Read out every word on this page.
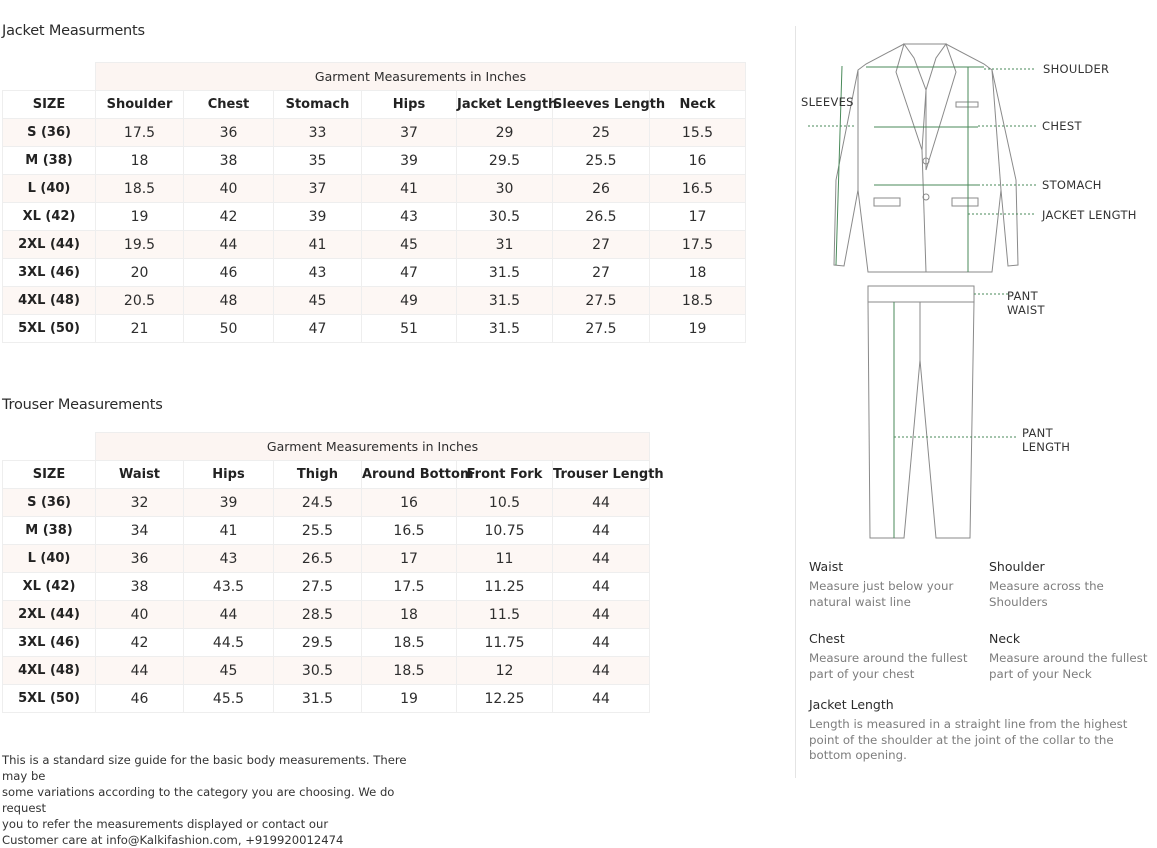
Jacket Measurments
	Garment Measurements in Inches						
SIZE	Shoulder	Chest	Stomach	Hips	Jacket Length	Sleeves Length	Neck
S (36)	17.5	36	33	37	29	25	15.5
M (38)	18	38	35	39	29.5	25.5	16
L (40)	18.5	40	37	41	30	26	16.5
XL (42)	19	42	39	43	30.5	26.5	17
2XL (44)	19.5	44	41	45	31	27	17.5
3XL (46)	20	46	43	47	31.5	27	18
4XL (48)	20.5	48	45	49	31.5	27.5	18.5
5XL (50)	21	50	47	51	31.5	27.5	19
Trouser Measurements
	Garment Measurements in Inches					
SIZE	Waist	Hips	Thigh	Around Bottom	Front Fork	Trouser Length
S (36)	32	39	24.5	16	10.5	44
M (38)	34	41	25.5	16.5	10.75	44
L (40)	36	43	26.5	17	11	44
XL (42)	38	43.5	27.5	17.5	11.25	44
2XL (44)	40	44	28.5	18	11.5	44
3XL (46)	42	44.5	29.5	18.5	11.75	44
4XL (48)	44	45	30.5	18.5	12	44
5XL (50)	46	45.5	31.5	19	12.25	44
This is a standard size guide for the basic body measurements. There may be
some variations according to the category you are choosing. We do request
you to refer the measurements displayed or contact our
Customer care at info@Kalkifashion.com, +919920012474
SHOULDER
SLEEVES
CHEST
STOMACH
JACKET LENGTH
PANT
WAIST
PANT
LENGTH
Waist
Measure just below your
natural waist line
Shoulder
Measure across the
Shoulders
Chest
Measure around the fullest
part of your chest
Neck
Measure around the fullest
part of your Neck
Jacket Length
Length is measured in a straight line from the highest
point of the shoulder at the joint of the collar to the
bottom opening.
